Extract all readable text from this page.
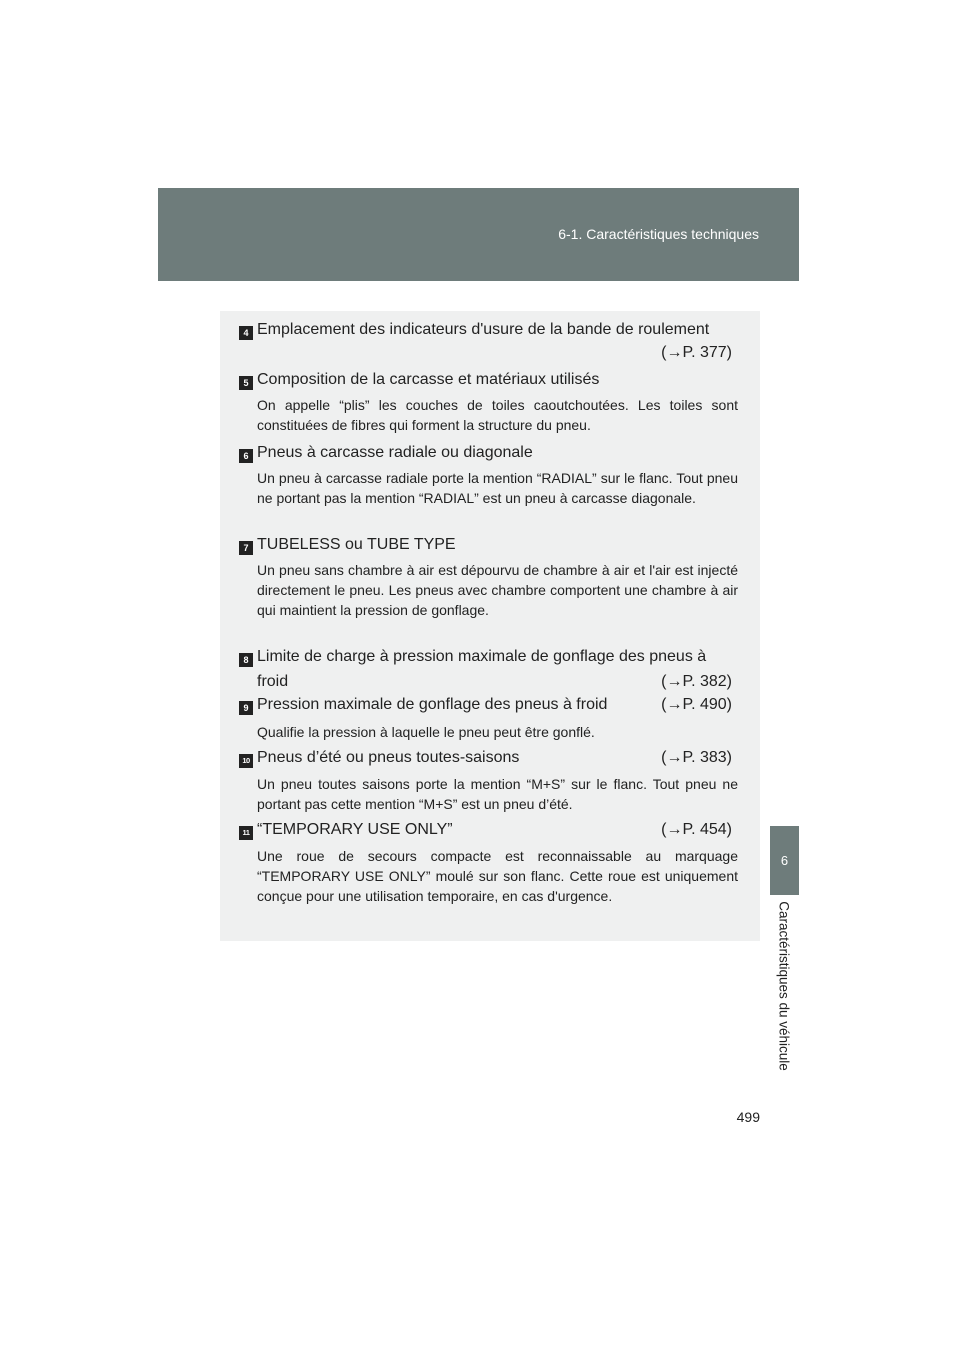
6-1. Caractéristiques techniques
6
Caractéristiques du véhicule
4 Emplacement des indicateurs d'usure de la bande de roulement
(→P. 377)
5 Composition de la carcasse et matériaux utilisés
On appelle “plis” les couches de toiles caoutchoutées. Les toiles sont constituées de fibres qui forment la structure du pneu.
6 Pneus à carcasse radiale ou diagonale
Un pneu à carcasse radiale porte la mention “RADIAL” sur le flanc. Tout pneu ne portant pas la mention “RADIAL” est un pneu à carcasse diagonale.
7 TUBELESS ou TUBE TYPE
Un pneu sans chambre à air est dépourvu de chambre à air et l'air est injecté directement le pneu. Les pneus avec chambre comportent une chambre à air qui maintient la pression de gonflage.
8 Limite de charge à pression maximale de gonflage des pneus à
froid	(→P. 382)
9 Pression maximale de gonflage des pneus à froid	(→P. 490)
Qualifie la pression à laquelle le pneu peut être gonflé.
10 Pneus d’été ou pneus toutes-saisons	(→P. 383)
Un pneu toutes saisons porte la mention “M+S” sur le flanc. Tout pneu ne portant pas cette mention “M+S” est un pneu d’été.
11 “TEMPORARY USE ONLY”	(→P. 454)
Une roue de secours compacte est reconnaissable au marquage “TEMPORARY USE ONLY” moulé sur son flanc. Cette roue est uniquement conçue pour une utilisation temporaire, en cas d'urgence.
499
